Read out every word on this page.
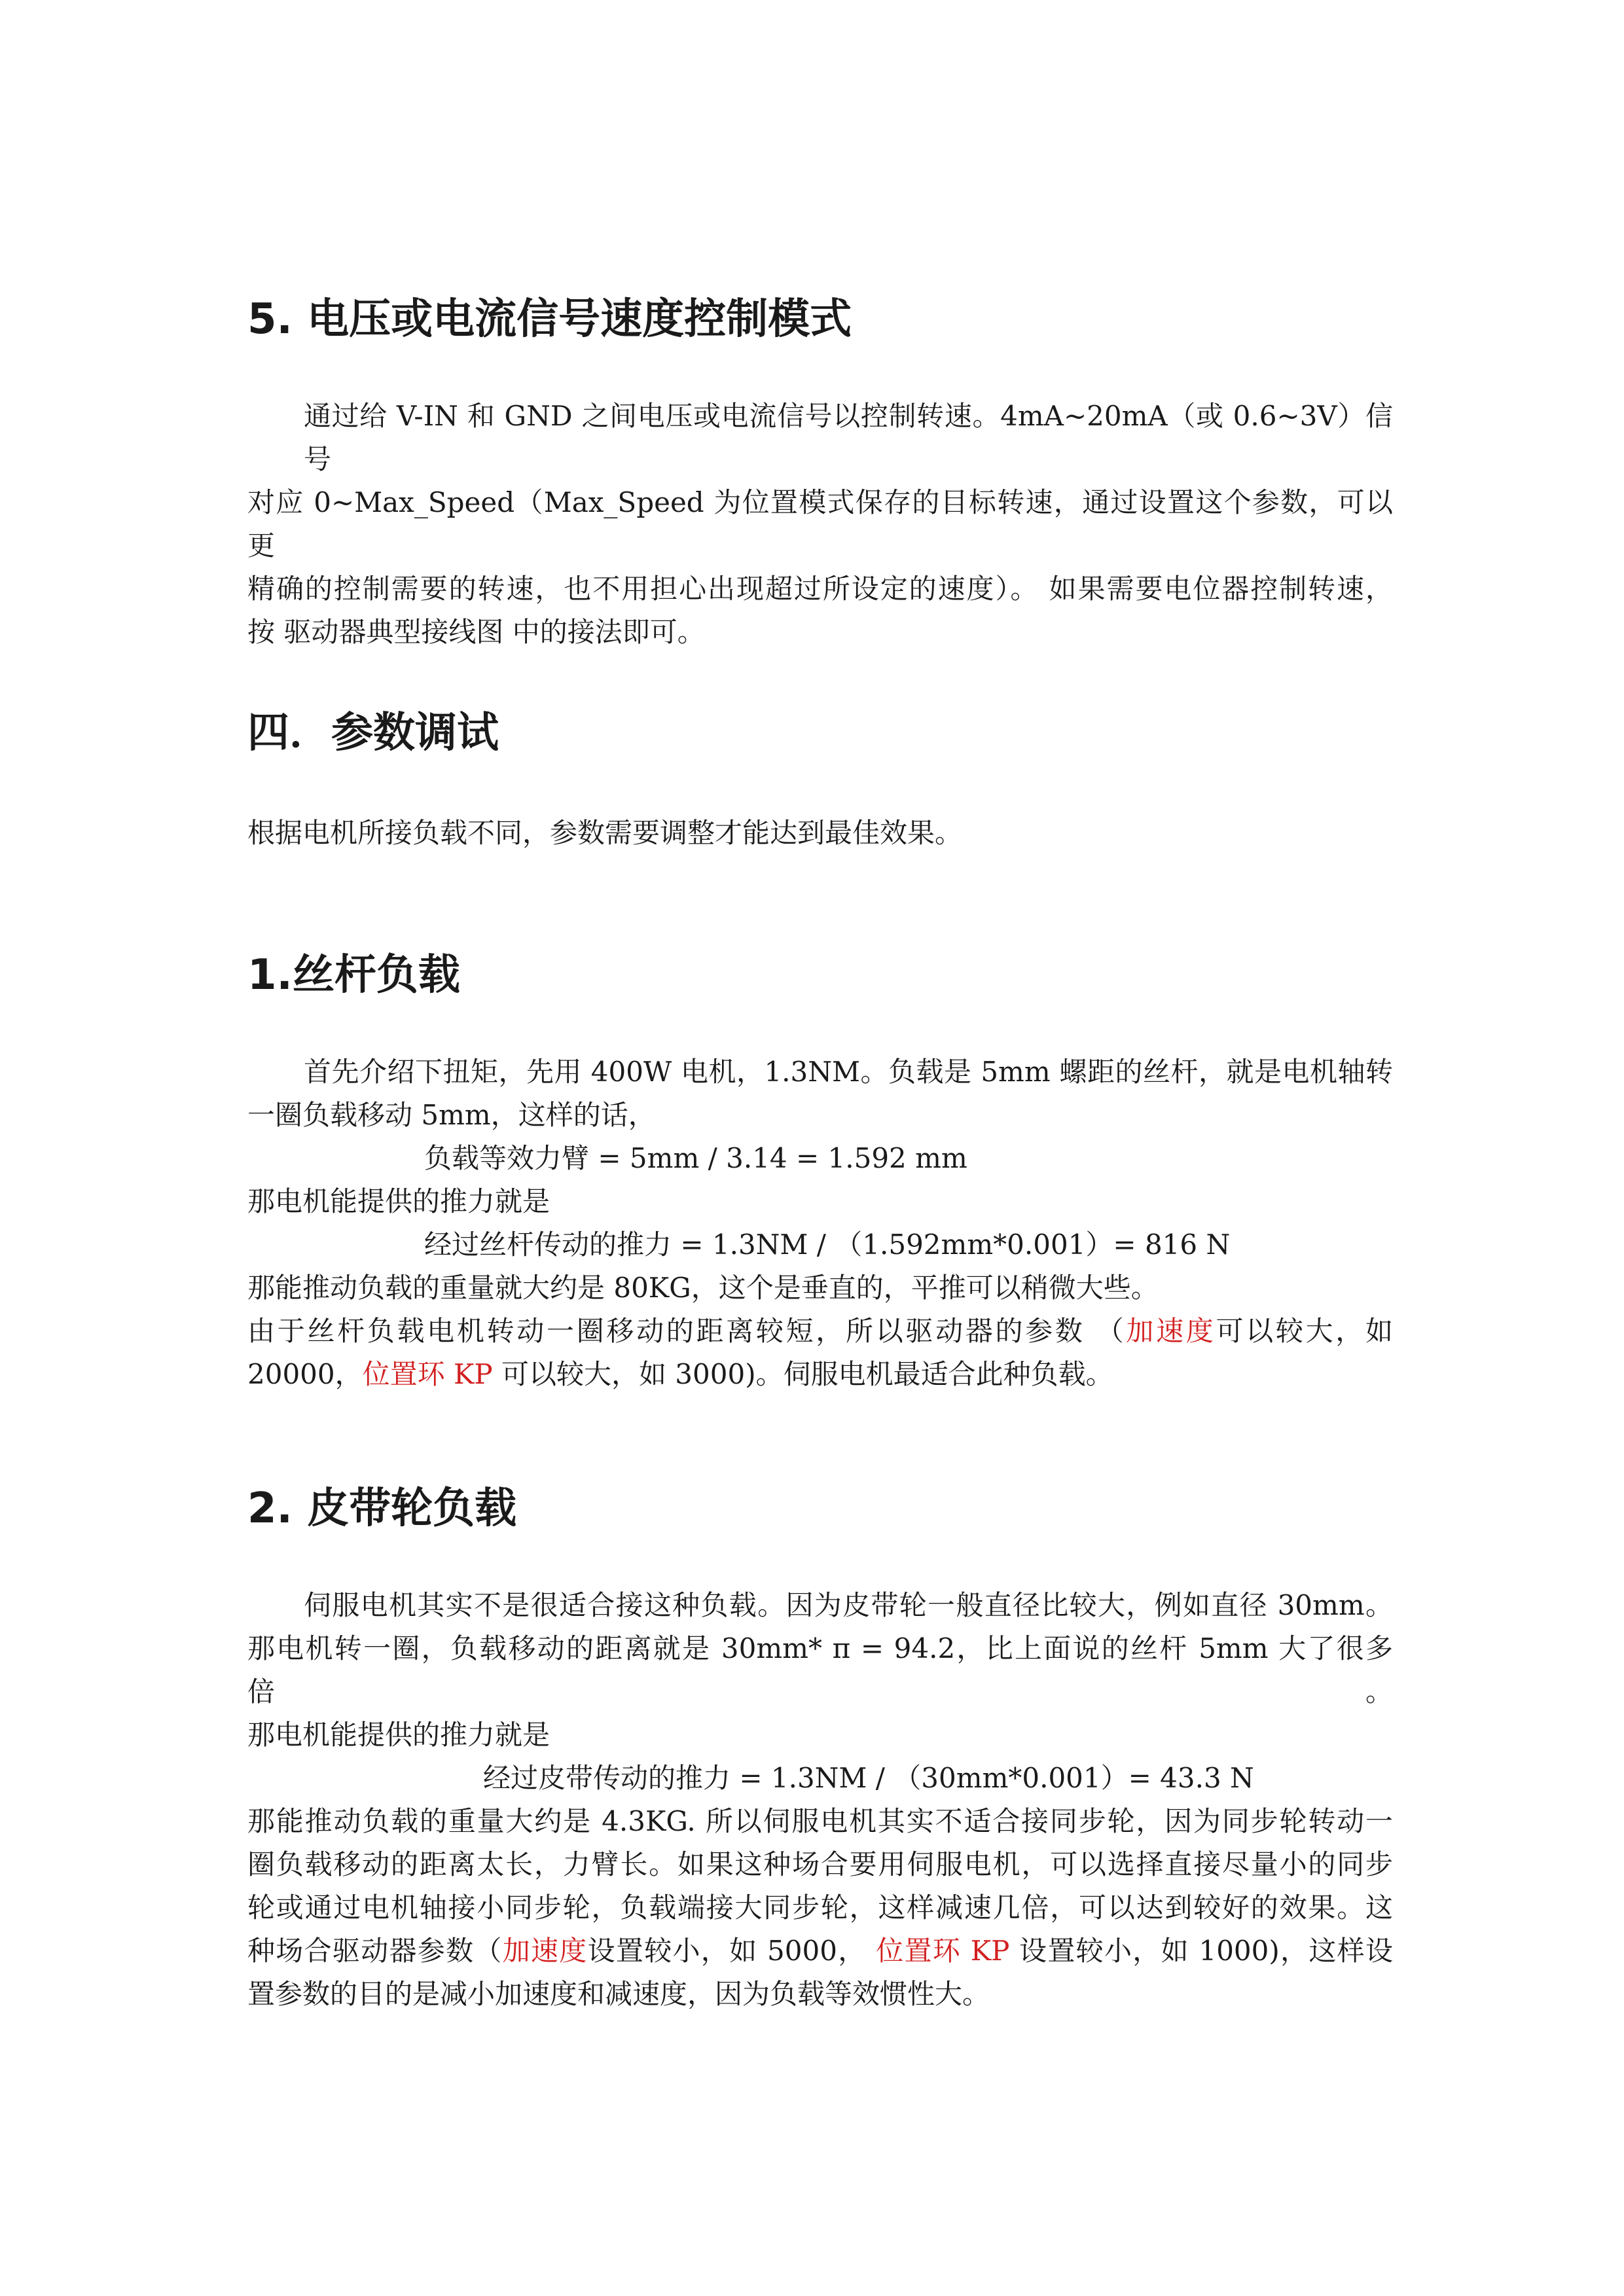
5. 电压或电流信号速度控制模式
通过给 V-IN 和 GND 之间电压或电流信号以控制转速。4mA~20mA（或 0.6~3V）信号
对应 0~Max_Speed（Max_Speed 为位置模式保存的目标转速，通过设置这个参数，可以更
精确的控制需要的转速，也不用担心出现超过所设定的速度）。 如果需要电位器控制转速，
按 驱动器典型接线图 中的接法即可。
四．参数调试

根据电机所接负载不同，参数需要调整才能达到最佳效果。

1.丝杆负载
首先介绍下扭矩，先用 400W 电机，1.3NM。负载是 5mm 螺距的丝杆，就是电机轴转
一圈负载移动 5mm，这样的话，
负载等效力臂 = 5mm / 3.14 = 1.592 mm
那电机能提供的推力就是
经过丝杆传动的推力 = 1.3NM / （1.592mm*0.001）= 816 N
那能推动负载的重量就大约是 80KG，这个是垂直的，平推可以稍微大些。
由于丝杆负载电机转动一圈移动的距离较短，所以驱动器的参数 （加速度可以较大，如
20000，位置环 KP 可以较大，如 3000)。伺服电机最适合此种负载。
2. 皮带轮负载
伺服电机其实不是很适合接这种负载。因为皮带轮一般直径比较大，例如直径 30mm。
那电机转一圈，负载移动的距离就是 30mm* π = 94.2，比上面说的丝杆 5mm 大了很多倍。
那电机能提供的推力就是
经过皮带传动的推力 = 1.3NM / （30mm*0.001）= 43.3 N
那能推动负载的重量大约是 4.3KG. 所以伺服电机其实不适合接同步轮，因为同步轮转动一
圈负载移动的距离太长，力臂长。如果这种场合要用伺服电机，可以选择直接尽量小的同步
轮或通过电机轴接小同步轮，负载端接大同步轮，这样减速几倍，可以达到较好的效果。这
种场合驱动器参数（加速度设置较小，如 5000， 位置环 KP 设置较小，如 1000)，这样设
置参数的目的是减小加速度和减速度，因为负载等效惯性大。
